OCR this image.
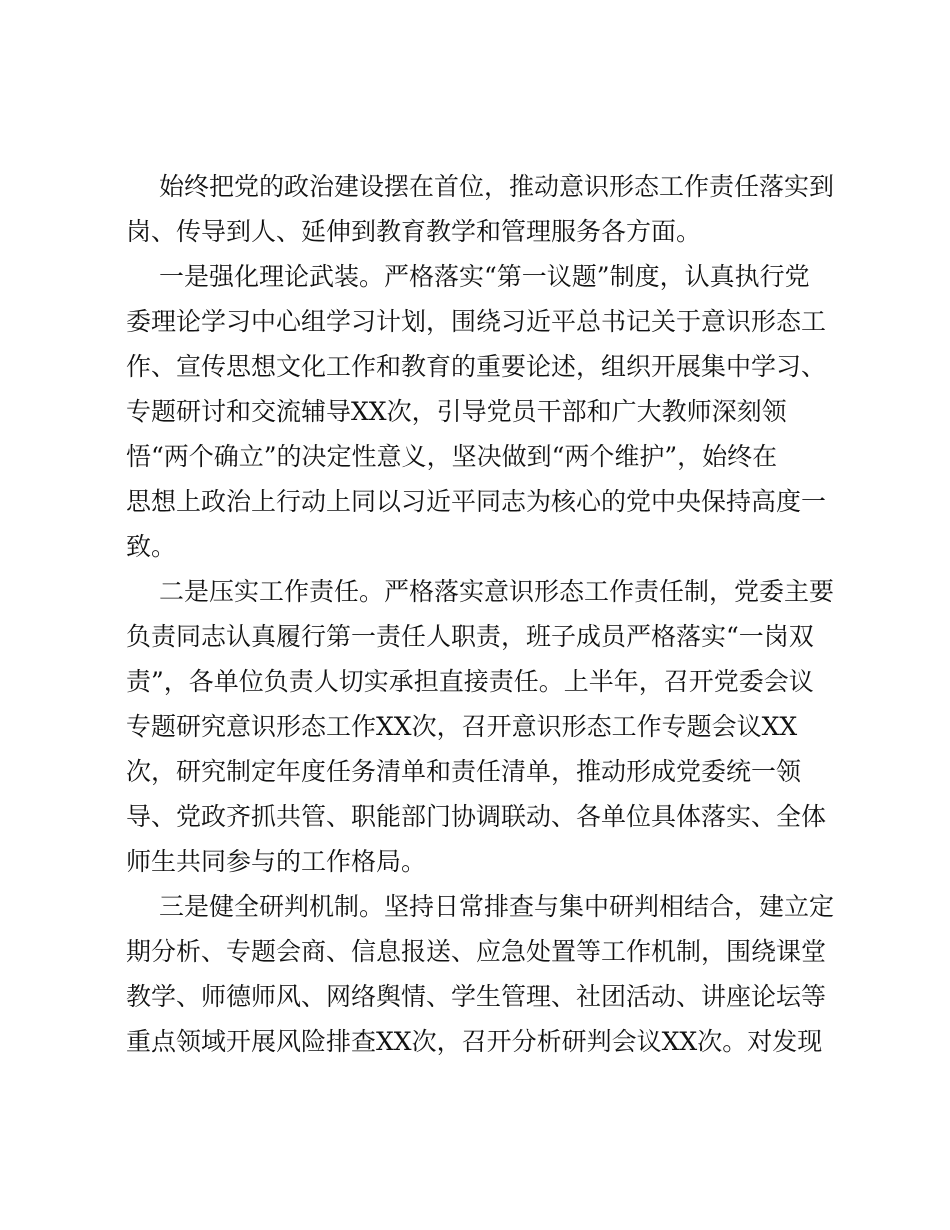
始终把党的政治建设摆在首位，推动意识形态工作责任落实到
岗、传导到人、延伸到教育教学和管理服务各方面。
一是强化理论武装。严格落实“第一议题”制度，认真执行党
委理论学习中心组学习计划，围绕习近平总书记关于意识形态工
作、宣传思想文化工作和教育的重要论述，组织开展集中学习、
专题研讨和交流辅导XX次，引导党员干部和广大教师深刻领
悟“两个确立”的决定性意义，坚决做到“两个维护”，始终在
思想上政治上行动上同以习近平同志为核心的党中央保持高度一
致。
二是压实工作责任。严格落实意识形态工作责任制，党委主要
负责同志认真履行第一责任人职责，班子成员严格落实“一岗双
责”，各单位负责人切实承担直接责任。上半年，召开党委会议
专题研究意识形态工作XX次，召开意识形态工作专题会议XX
次，研究制定年度任务清单和责任清单，推动形成党委统一领
导、党政齐抓共管、职能部门协调联动、各单位具体落实、全体
师生共同参与的工作格局。
三是健全研判机制。坚持日常排查与集中研判相结合，建立定
期分析、专题会商、信息报送、应急处置等工作机制，围绕课堂
教学、师德师风、网络舆情、学生管理、社团活动、讲座论坛等
重点领域开展风险排查XX次，召开分析研判会议XX次。对发现
